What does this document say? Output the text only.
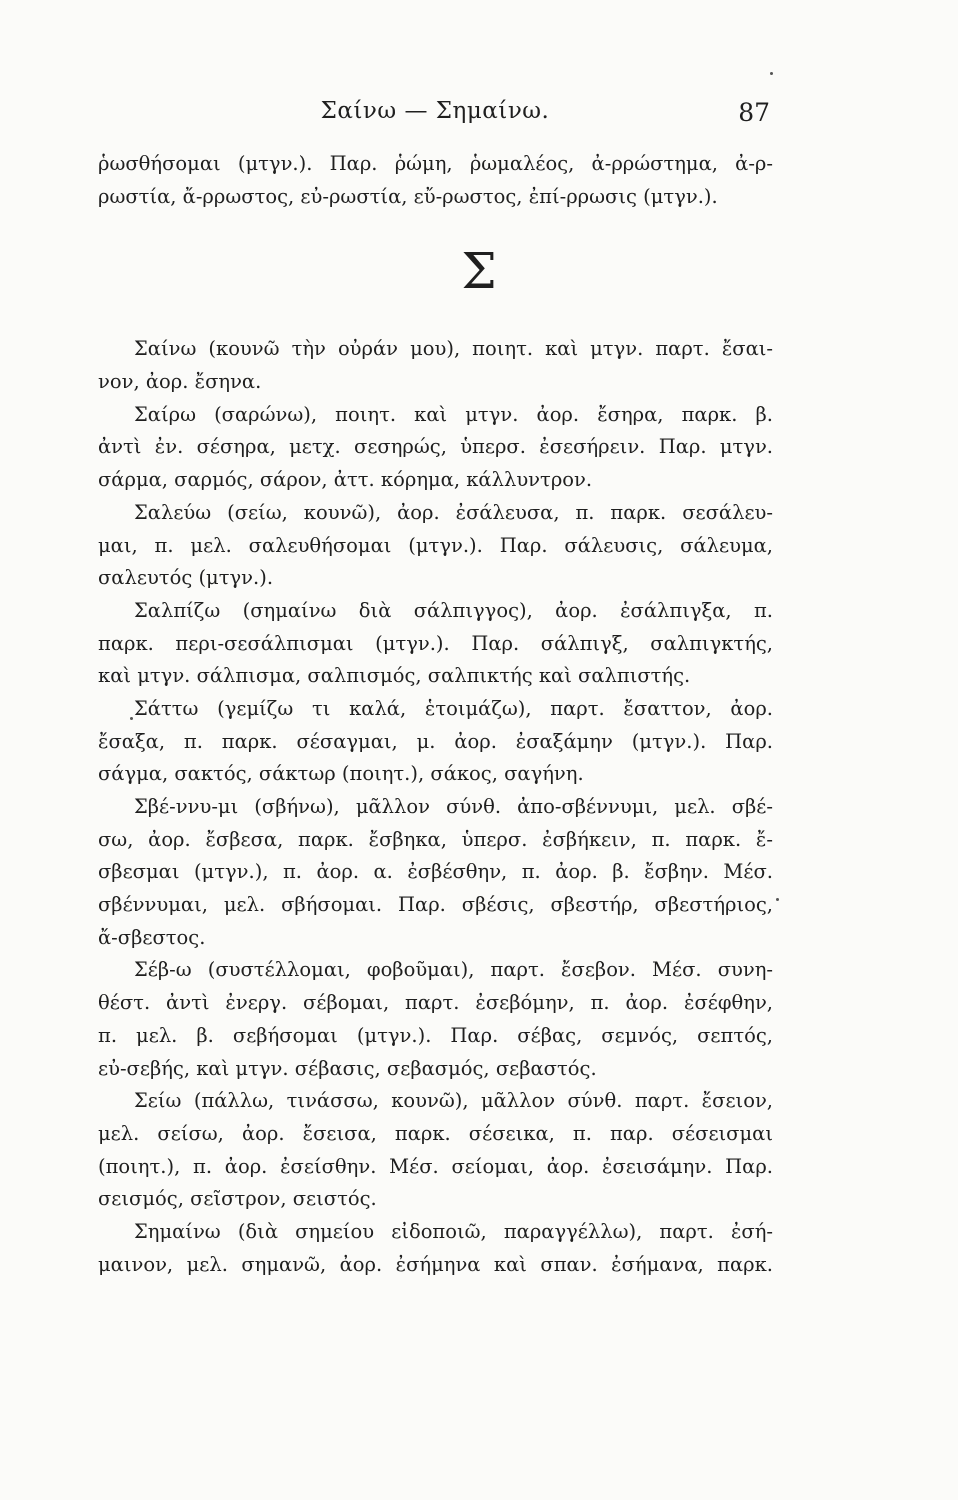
Σαίνω — Σημαίνω.	87
Σ
ῥωσθήσομαι (μτγν.). Παρ. ῥώμη, ῥωμαλέος, ἀ-ρρώστημα, ἀ-ρ-
ρωστία, ἄ-ρρωστος, εὐ-ρωστία, εὔ-ρωστος, ἐπί-ρρωσις (μτγν.).
Σαίνω (κουνῶ τὴν οὐράν μου), ποιητ. καὶ μτγν. παρτ. ἔσαι-
νον, ἀορ. ἔσηνα.
Σαίρω (σαρώνω), ποιητ. καὶ μτγν. ἀορ. ἔσηρα, παρκ. β.
ἀντὶ ἐν. σέσηρα, μετχ. σεσηρώς, ὑπερσ. ἐσεσήρειν. Παρ. μτγν.
σάρμα, σαρμός, σάρον, ἀττ. κόρημα, κάλλυντρον.
Σαλεύω (σείω, κουνῶ), ἀορ. ἐσάλευσα, π. παρκ. σεσάλευ-
μαι, π. μελ. σαλευθήσομαι (μτγν.). Παρ. σάλευσις, σάλευμα,
σαλευτός (μτγν.).
Σαλπίζω (σημαίνω διὰ σάλπιγγος), ἀορ. ἐσάλπιγξα, π.
παρκ. περι-σεσάλπισμαι (μτγν.). Παρ. σάλπιγξ, σαλπιγκτής,
καὶ μτγν. σάλπισμα, σαλπισμός, σαλπικτής καὶ σαλπιστής.
Σάττω (γεμίζω τι καλά, ἑτοιμάζω), παρτ. ἔσαττον, ἀορ.
ἔσαξα, π. παρκ. σέσαγμαι, μ. ἀορ. ἐσαξάμην (μτγν.). Παρ.
σάγμα, σακτός, σάκτωρ (ποιητ.), σάκος, σαγήνη.
Σβέ-ννυ-μι (σβήνω), μᾶλλον σύνθ. ἀπο-σβέννυμι, μελ. σβέ-
σω, ἀορ. ἔσβεσα, παρκ. ἔσβηκα, ὑπερσ. ἐσβήκειν, π. παρκ. ἔ-
σβεσμαι (μτγν.), π. ἀορ. α. ἐσβέσθην, π. ἀορ. β. ἔσβην. Μέσ.
σβέννυμαι, μελ. σβήσομαι. Παρ. σβέσις, σβεστήρ, σβεστήριος,
ἄ-σβεστος.
Σέβ-ω (συστέλλομαι, φοβοῦμαι), παρτ. ἔσεβον. Μέσ. συνη-
θέστ. ἀντὶ ἐνεργ. σέβομαι, παρτ. ἐσεβόμην, π. ἀορ. ἐσέφθην,
π. μελ. β. σεβήσομαι (μτγν.). Παρ. σέβας, σεμνός, σεπτός,
εὐ-σεβής, καὶ μτγν. σέβασις, σεβασμός, σεβαστός.
Σείω (πάλλω, τινάσσω, κουνῶ), μᾶλλον σύνθ. παρτ. ἔσειον,
μελ. σείσω, ἀορ. ἔσεισα, παρκ. σέσεικα, π. παρ. σέσεισμαι
(ποιητ.), π. ἀορ. ἐσείσθην. Μέσ. σείομαι, ἀορ. ἐσεισάμην. Παρ.
σεισμός, σεῖστρον, σειστός.
Σημαίνω (διὰ σημείου εἰδοποιῶ, παραγγέλλω), παρτ. ἐσή-
μαινον, μελ. σημανῶ, ἀορ. ἐσήμηνα καὶ σπαν. ἐσήμανα, παρκ.
